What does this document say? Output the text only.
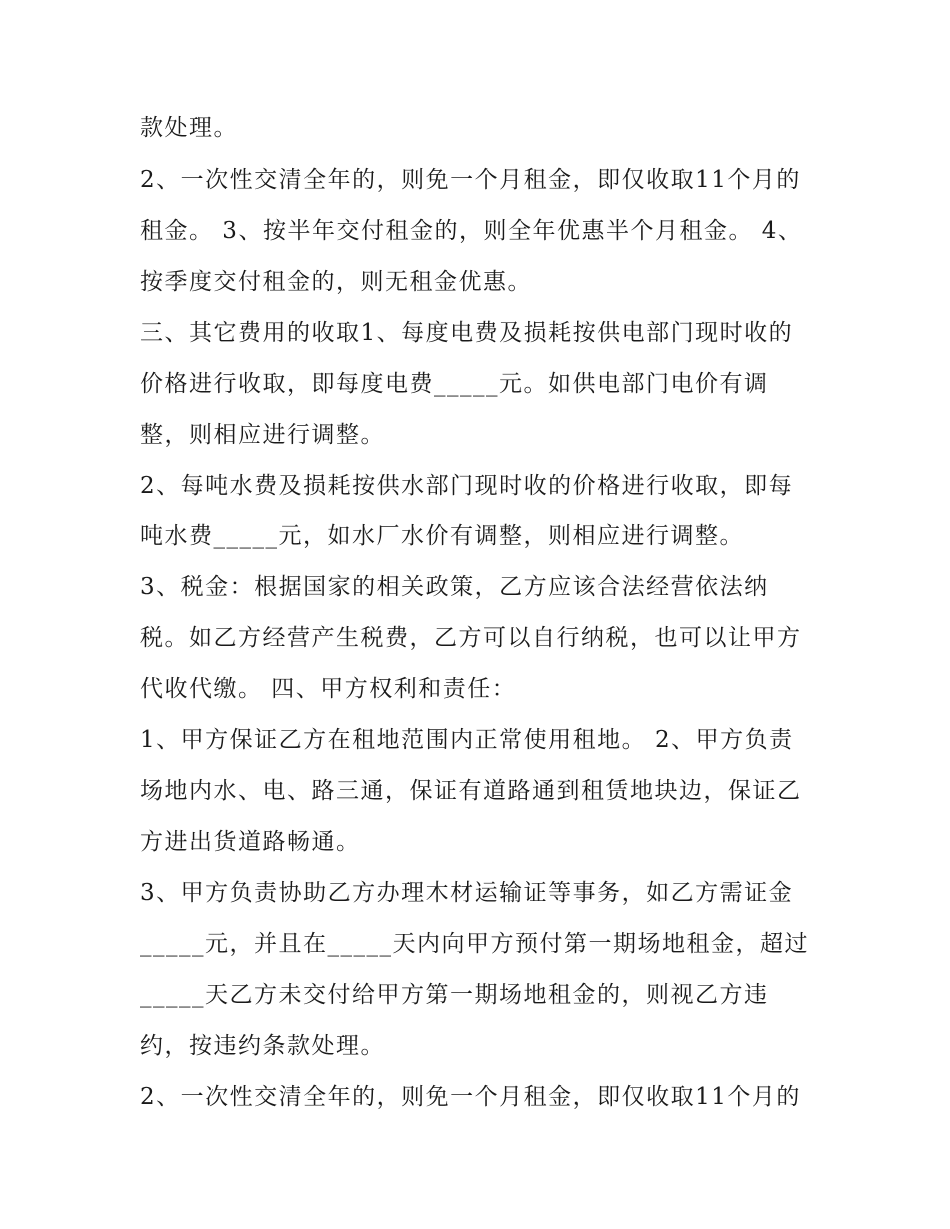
款处理。
2、一次性交清全年的，则免一个月租金，即仅收取11个月的
租金。 3、按半年交付租金的，则全年优惠半个月租金。 4、
按季度交付租金的，则无租金优惠。
三、其它费用的收取1、每度电费及损耗按供电部门现时收的
价格进行收取，即每度电费_____元。如供电部门电价有调
整，则相应进行调整。
2、每吨水费及损耗按供水部门现时收的价格进行收取，即每
吨水费_____元，如水厂水价有调整，则相应进行调整。
3、税金：根据国家的相关政策，乙方应该合法经营依法纳
税。如乙方经营产生税费，乙方可以自行纳税，也可以让甲方
代收代缴。 四、甲方权利和责任：
1、甲方保证乙方在租地范围内正常使用租地。 2、甲方负责
场地内水、电、路三通，保证有道路通到租赁地块边，保证乙
方进出货道路畅通。
3、甲方负责协助乙方办理木材运输证等事务，如乙方需证金
_____元，并且在_____天内向甲方预付第一期场地租金，超过
_____天乙方未交付给甲方第一期场地租金的，则视乙方违
约，按违约条款处理。
2、一次性交清全年的，则免一个月租金，即仅收取11个月的
